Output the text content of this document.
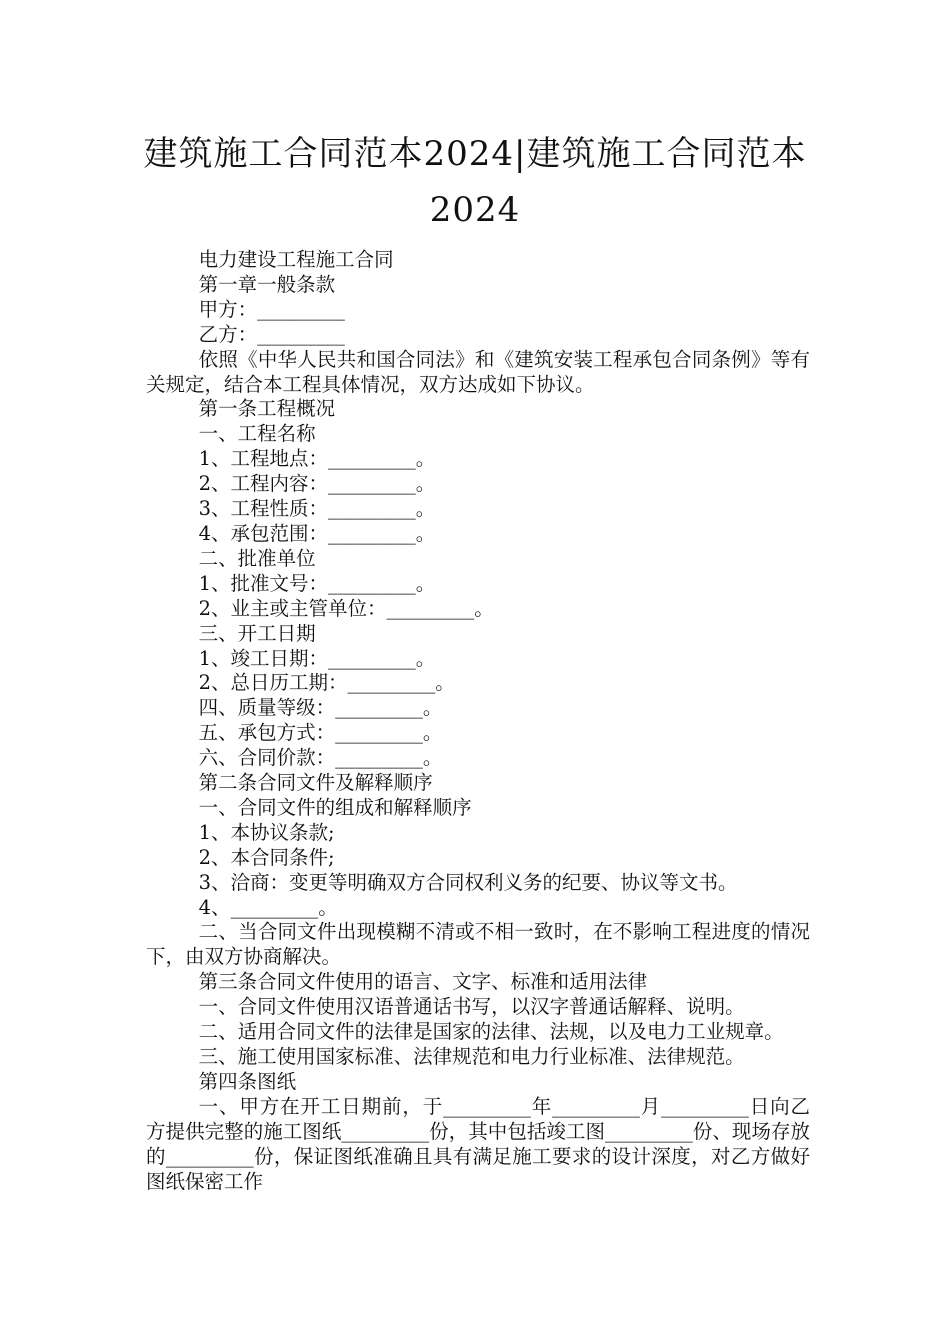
建筑施工合同范本2024|建筑施工合同范本
2024

电力建设工程施工合同

第一章一般条款

甲方：_________

乙方：_________

依照《中华人民共和国合同法》和《建筑安装工程承包合同条例》等有关规定，结合本工程具体情况，双方达成如下协议。

第一条工程概况

一、工程名称

1、工程地点：_________。

2、工程内容：_________。

3、工程性质：_________。

4、承包范围：_________。

二、批准单位

1、批准文号：_________。

2、业主或主管单位：_________。

三、开工日期

1、竣工日期：_________。

2、总日历工期：_________。

四、质量等级：_________。

五、承包方式：_________。

六、合同价款：_________。

第二条合同文件及解释顺序

一、合同文件的组成和解释顺序

1、本协议条款;

2、本合同条件;

3、洽商：变更等明确双方合同权利义务的纪要、协议等文书。

4、_________。

二、当合同文件出现模糊不清或不相一致时，在不影响工程进度的情况下，由双方协商解决。

第三条合同文件使用的语言、文字、标准和适用法律

一、合同文件使用汉语普通话书写，以汉字普通话解释、说明。

二、适用合同文件的法律是国家的法律、法规，以及电力工业规章。

三、施工使用国家标准、法律规范和电力行业标准、法律规范。

第四条图纸

一、甲方在开工日期前，于_________年_________月_________日向乙方提供完整的施工图纸_________份，其中包括竣工图_________份、现场存放的_________份，保证图纸准确且具有满足施工要求的设计深度，对乙方做好图纸保密工作
